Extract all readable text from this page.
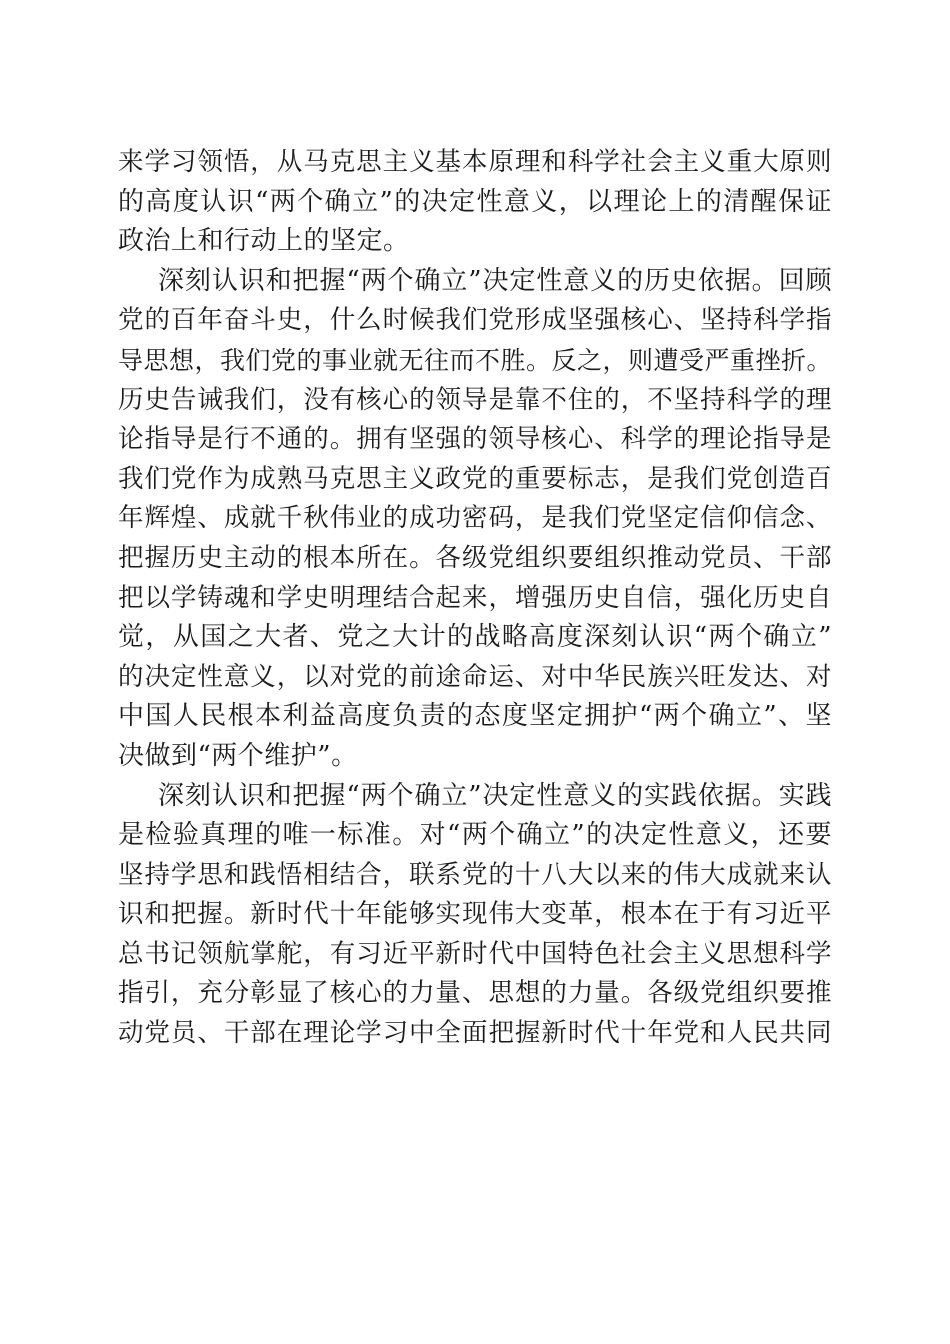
来学习领悟，从马克思主义基本原理和科学社会主义重大原则
的高度认识“两个确立”的决定性意义，以理论上的清醒保证
政治上和行动上的坚定。
深刻认识和把握“两个确立”决定性意义的历史依据。回顾
党的百年奋斗史，什么时候我们党形成坚强核心、坚持科学指
导思想，我们党的事业就无往而不胜。反之，则遭受严重挫折。
历史告诫我们，没有核心的领导是靠不住的，不坚持科学的理
论指导是行不通的。拥有坚强的领导核心、科学的理论指导是
我们党作为成熟马克思主义政党的重要标志，是我们党创造百
年辉煌、成就千秋伟业的成功密码，是我们党坚定信仰信念、
把握历史主动的根本所在。各级党组织要组织推动党员、干部
把以学铸魂和学史明理结合起来，增强历史自信，强化历史自
觉，从国之大者、党之大计的战略高度深刻认识“两个确立”
的决定性意义，以对党的前途命运、对中华民族兴旺发达、对
中国人民根本利益高度负责的态度坚定拥护“两个确立”、坚
决做到“两个维护”。
深刻认识和把握“两个确立”决定性意义的实践依据。实践
是检验真理的唯一标准。对“两个确立”的决定性意义，还要
坚持学思和践悟相结合，联系党的十八大以来的伟大成就来认
识和把握。新时代十年能够实现伟大变革，根本在于有习近平
总书记领航掌舵，有习近平新时代中国特色社会主义思想科学
指引，充分彰显了核心的力量、思想的力量。各级党组织要推
动党员、干部在理论学习中全面把握新时代十年党和人民共同
